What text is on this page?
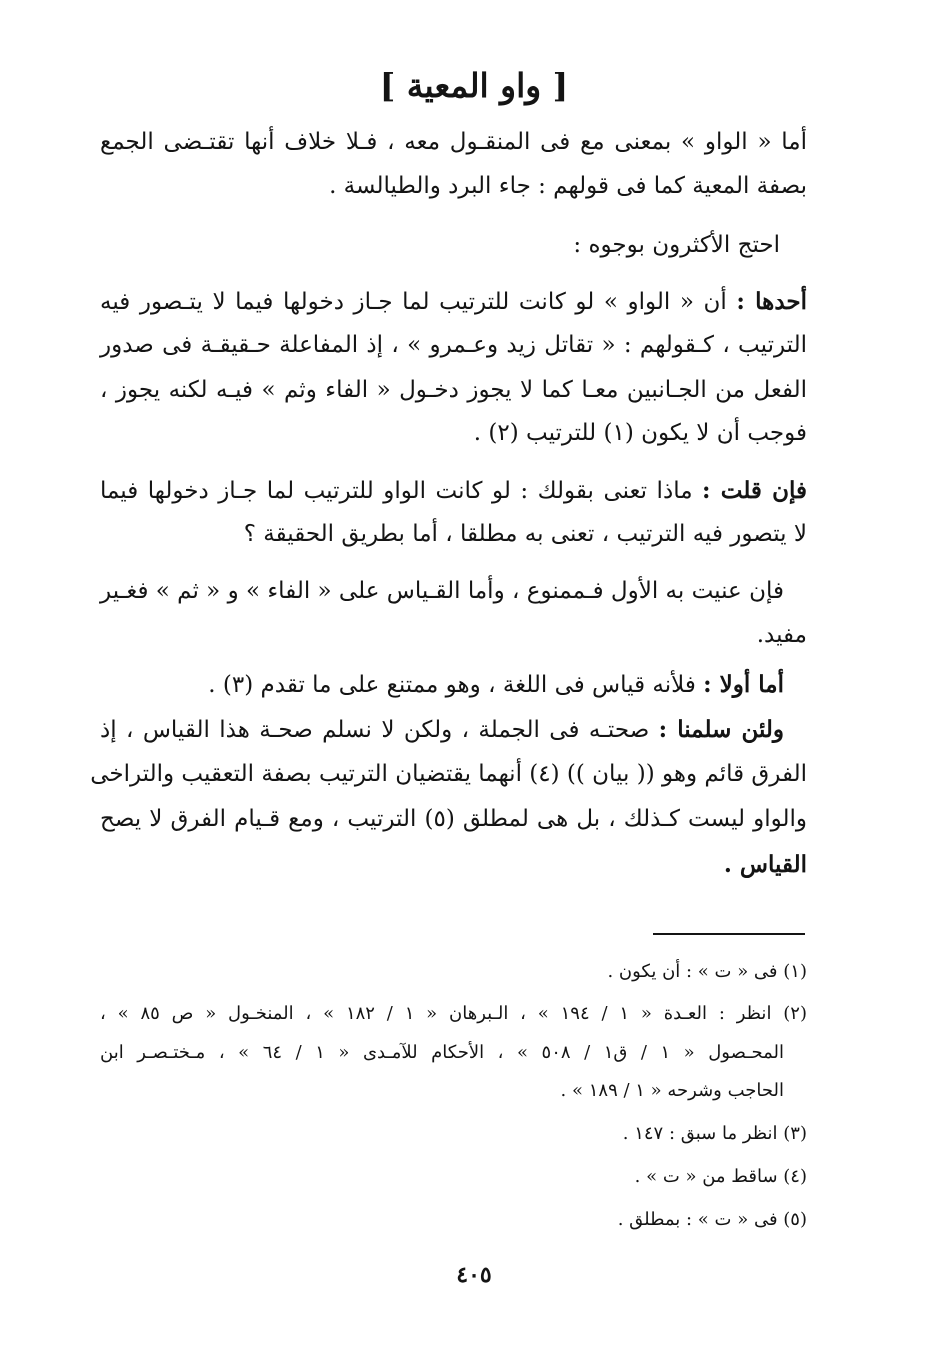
[ واو المعية ]
أما « الواو » بمعنى مع فى المنقـول معه ، فـلا خلاف أنها تقتـضى الجمع
بصفة المعية كما فى قولهم : جاء البرد والطيالسة .
احتج الأكثرون بوجوه :
أحدها : أن « الواو » لو كانت للترتيب لما جـاز دخولها فيما لا يتـصور فيه
الترتيب ، كـقولهم : « تقاتل زيد وعـمرو » ، إذ المفاعلة حـقيقـة فى صدور
الفعل من الجـانبين معـا كما لا يجوز دخـول « الفاء وثم » فيـه لكنه يجوز ،
فوجب أن لا يكون (١) للترتيب (٢) .
فإن قلت : ماذا تعنى بقولك : لو كانت الواو للترتيب لما جـاز دخولها فيما
لا يتصور فيه الترتيب ، تعنى به مطلقا ، أما بطريق الحقيقة ؟
فإن عنيت به الأول فـممنوع ، وأما القـياس على « الفاء » و « ثم » فغـير
مفيد.
أما أولا : فلأنه قياس فى اللغة ، وهو ممتنع على ما تقدم (٣) .
ولئن سلمنا : صحتـه فى الجملة ، ولكن لا نسلم صحـة هذا القياس ، إذ
الفرق قائم وهو (( بيان )) (٤) أنهما يقتضيان الترتيب بصفة التعقيب والتراخى
والواو ليست كـذلك ، بل هى لمطلق (٥) الترتيب ، ومع قـيام الفرق لا يصح
القياس .
(١) فى « ت » : أن يكون .
(٢) انظر : العـدة « ١ / ١٩٤ » ، الـبرهان « ١ / ١٨٢ » ، المنخـول « ص ٨٥ » ،
المحـصول « ١ / ق١ / ٥٠٨ » ، الأحكام للآمـدى « ١ / ٦٤ » ، مـختـصـر ابن
الحاجب وشرحه « ١ / ١٨٩ » .
(٣) انظر ما سبق : ١٤٧ .
(٤) ساقط من « ت » .
(٥) فى « ت » : بمطلق .
٤٠٥
